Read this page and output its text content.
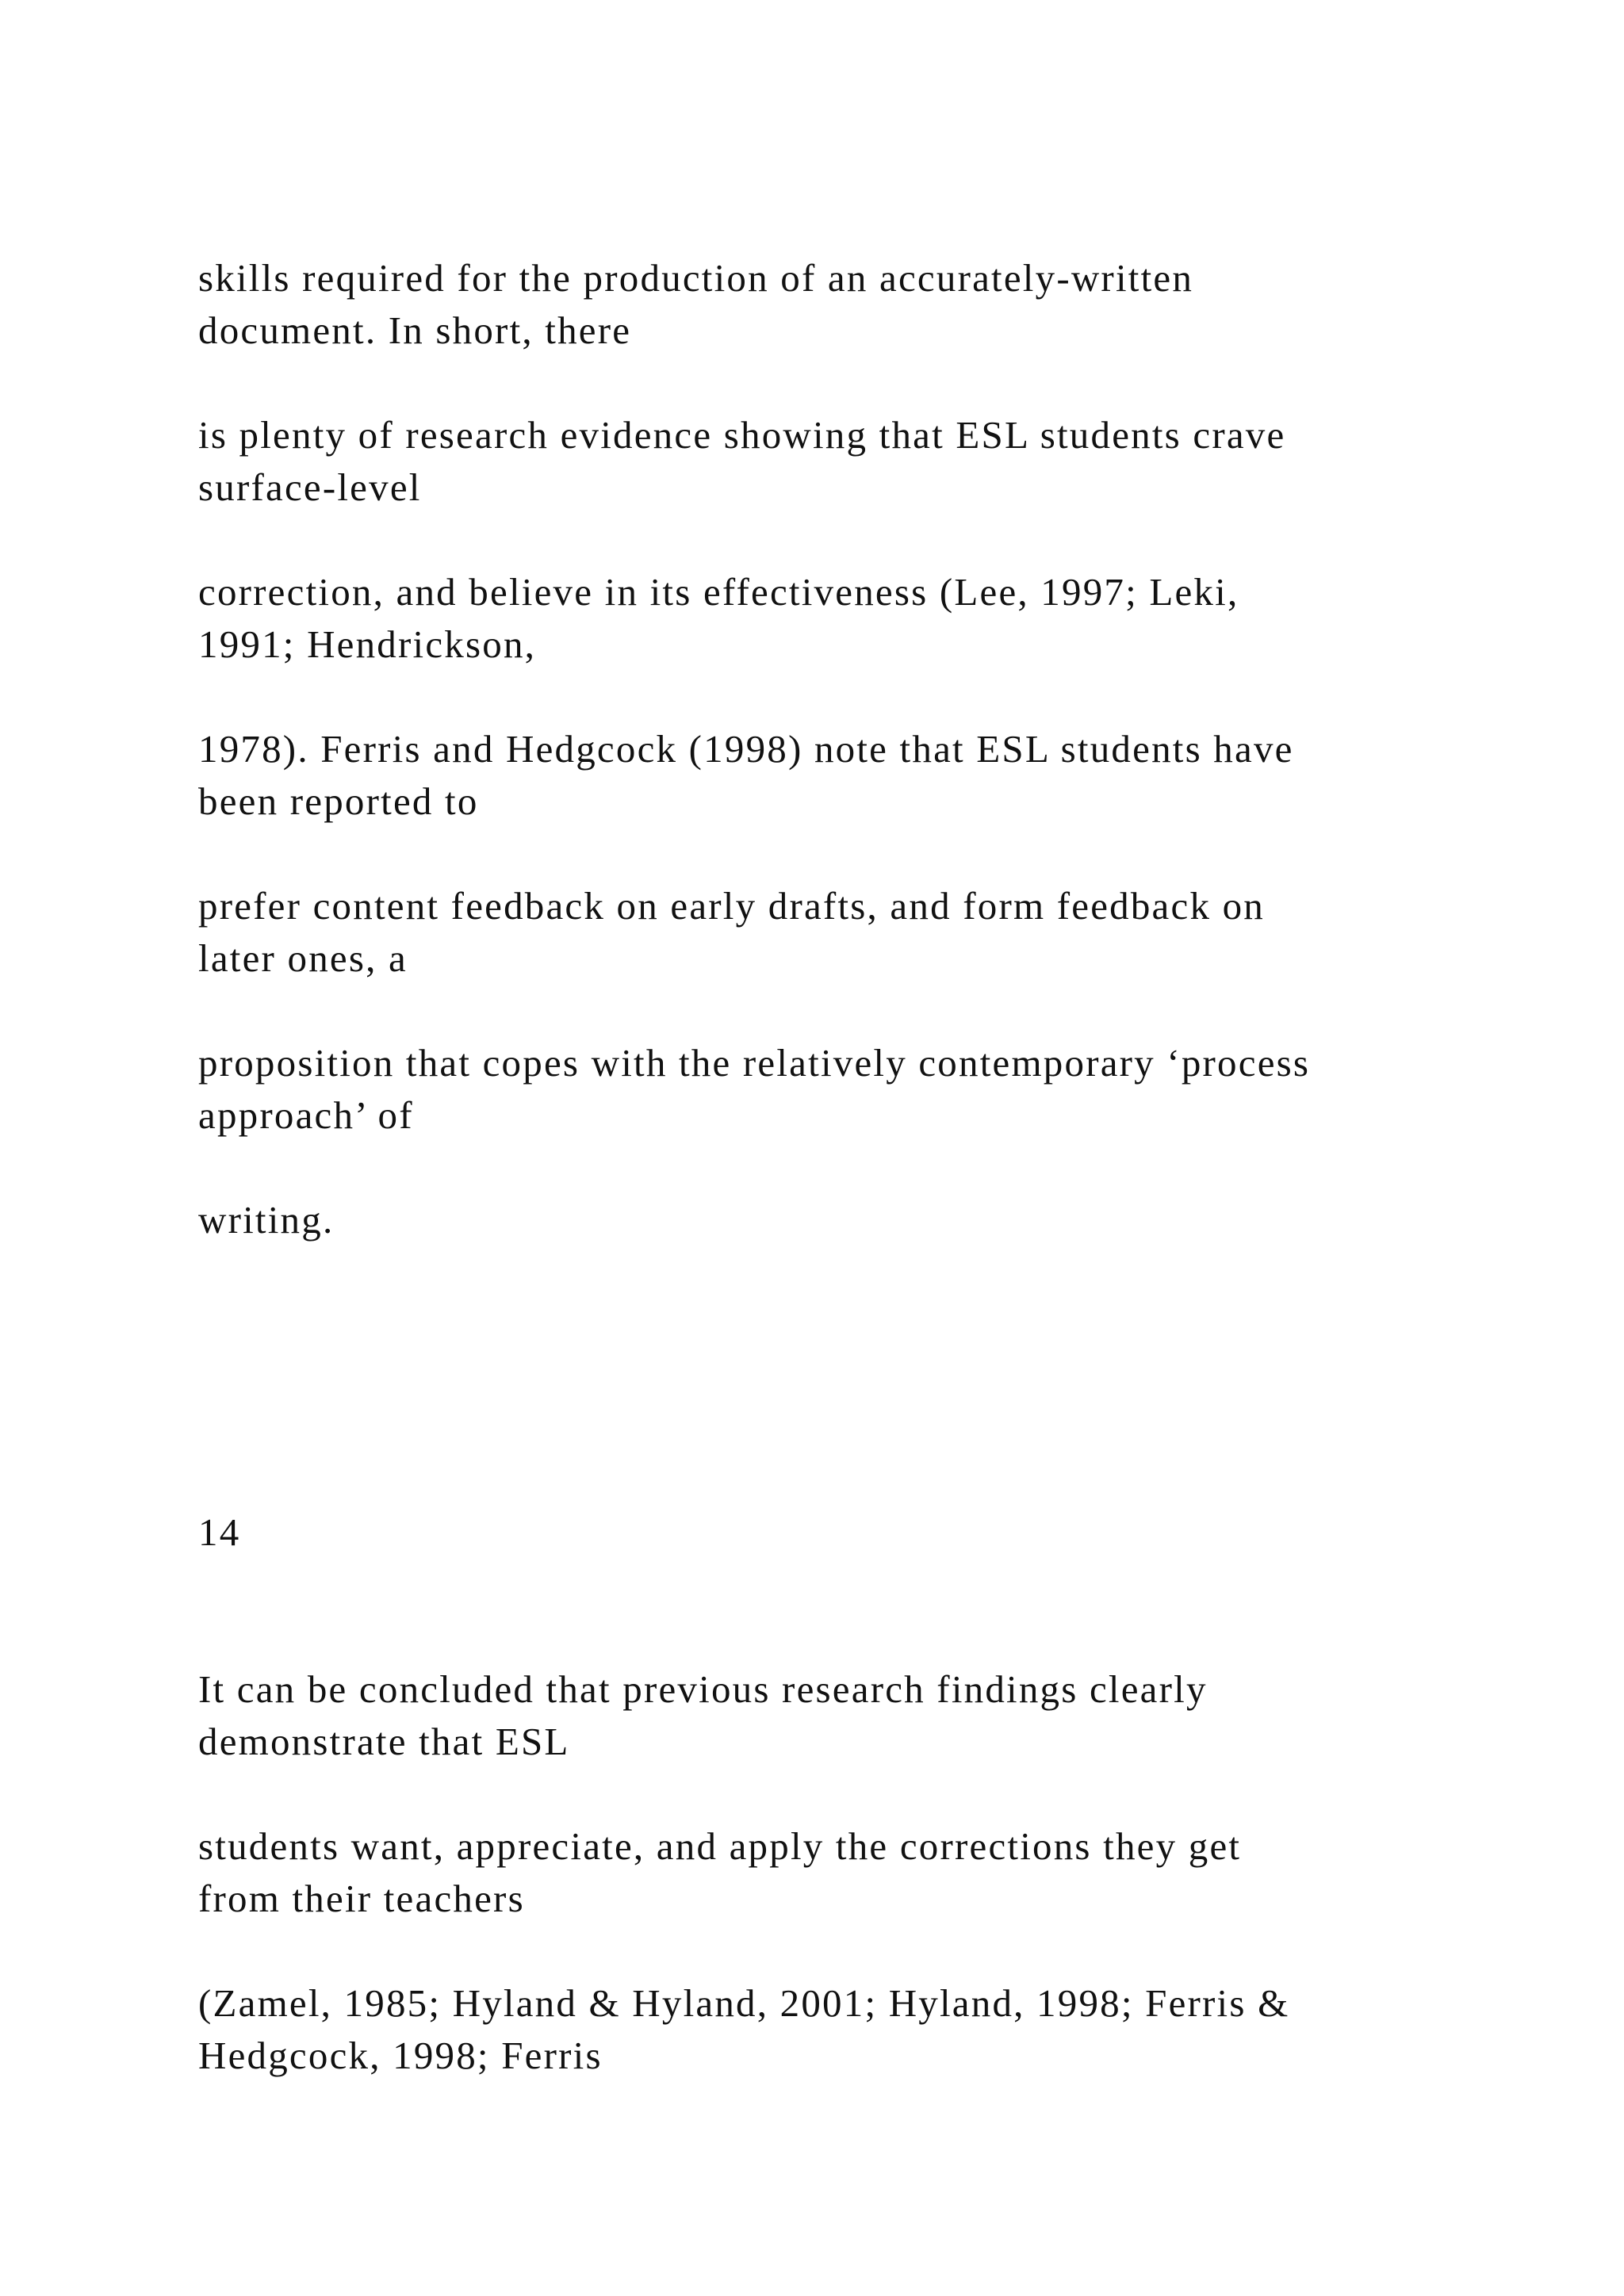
skills required for the production of an accurately-written
document. In short, there

is plenty of research evidence showing that ESL students crave
surface-level

correction, and believe in its effectiveness (Lee, 1997; Leki,
1991; Hendrickson,

1978). Ferris and Hedgcock (1998) note that ESL students have
been reported to

prefer content feedback on early drafts, and form feedback on
later ones, a

proposition that copes with the relatively contemporary ‘process
approach’ of

writing.

14

It can be concluded that previous research findings clearly
demonstrate that ESL

students want, appreciate, and apply the corrections they get
from their teachers

(Zamel, 1985; Hyland & Hyland, 2001; Hyland, 1998; Ferris &
Hedgcock, 1998; Ferris
